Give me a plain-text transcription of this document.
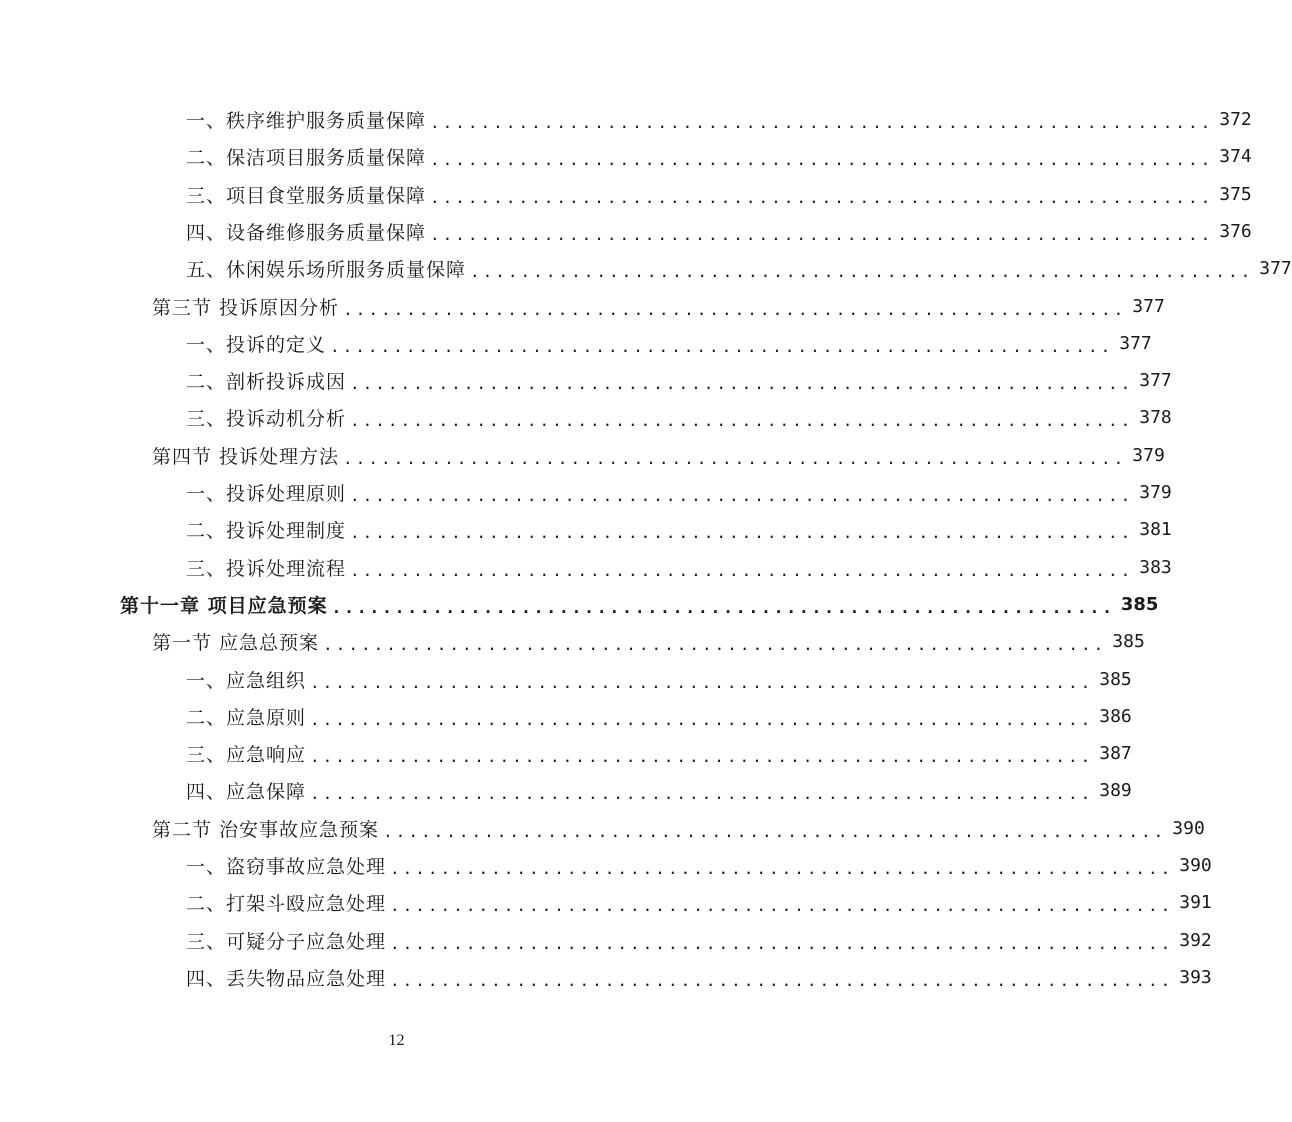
一、秩序维护服务质量保障 .............................................................. 372
二、保洁项目服务质量保障 .............................................................. 374
三、项目食堂服务质量保障 .............................................................. 375
四、设备维修服务质量保障 .............................................................. 376
五、休闲娱乐场所服务质量保障 .............................................................. 377
第三节 投诉原因分析 .............................................................. 377
一、投诉的定义 .............................................................. 377
二、剖析投诉成因 .............................................................. 377
三、投诉动机分析 .............................................................. 378
第四节 投诉处理方法 .............................................................. 379
一、投诉处理原则 .............................................................. 379
二、投诉处理制度 .............................................................. 381
三、投诉处理流程 .............................................................. 383
第十一章 项目应急预案 .............................................................. 385
第一节 应急总预案 .............................................................. 385
一、应急组织 .............................................................. 385
二、应急原则 .............................................................. 386
三、应急响应 .............................................................. 387
四、应急保障 .............................................................. 389
第二节 治安事故应急预案 .............................................................. 390
一、盗窃事故应急处理 .............................................................. 390
二、打架斗殴应急处理 .............................................................. 391
三、可疑分子应急处理 .............................................................. 392
四、丢失物品应急处理 .............................................................. 393
12
